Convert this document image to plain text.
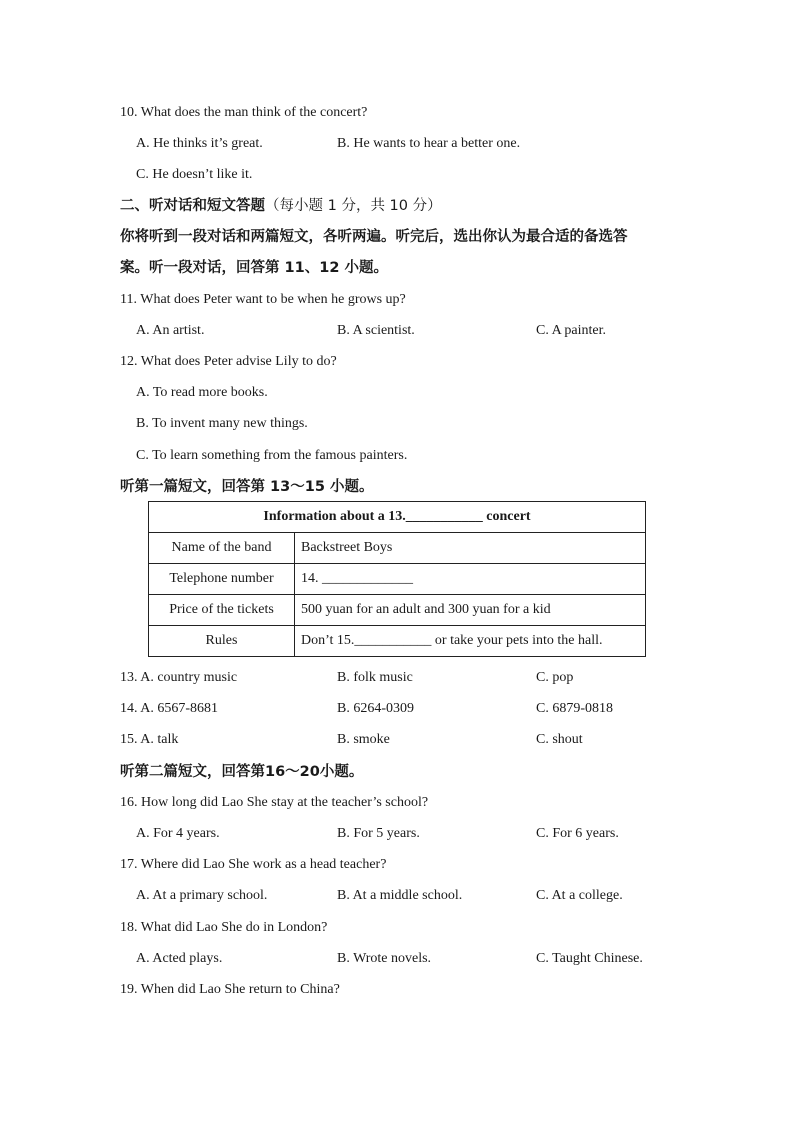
10. What does the man think of the concert?
A. He thinks it’s great.	B. He wants to hear a better one.
C. He doesn’t like it.
二、听对话和短文答题（每小题 1 分，共 10 分）
你将听到一段对话和两篇短文，各听两遍。听完后，选出你认为最合适的备选答
案。听一段对话，回答第 11、12 小题。
11. What does Peter want to be when he grows up?
A. An artist.	B. A scientist.	C. A painter.
12. What does Peter advise Lily to do?
A. To read more books.
B. To invent many new things.
C. To learn something from the famous painters.
听第一篇短文，回答第 13～15 小题。
Information about a 13.___________ concert	
Name of the band	Backstreet Boys
Telephone number	14. _____________
Price of the tickets	500 yuan for an adult and 300 yuan for a kid
Rules	Don’t 15.___________ or take your pets into the hall.
13. A. country music	B. folk music	C. pop
14. A. 6567-8681	B. 6264-0309	C. 6879-0818
15. A. talk	B. smoke	C. shout
听第二篇短文，回答第16～20小题。
16. How long did Lao She stay at the teacher’s school?
A. For 4 years.	B. For 5 years.	C. For 6 years.
17. Where did Lao She work as a head teacher?
A. At a primary school.	B. At a middle school.	C. At a college.
18. What did Lao She do in London?
A. Acted plays.	B. Wrote novels.	C. Taught Chinese.
19. When did Lao She return to China?
